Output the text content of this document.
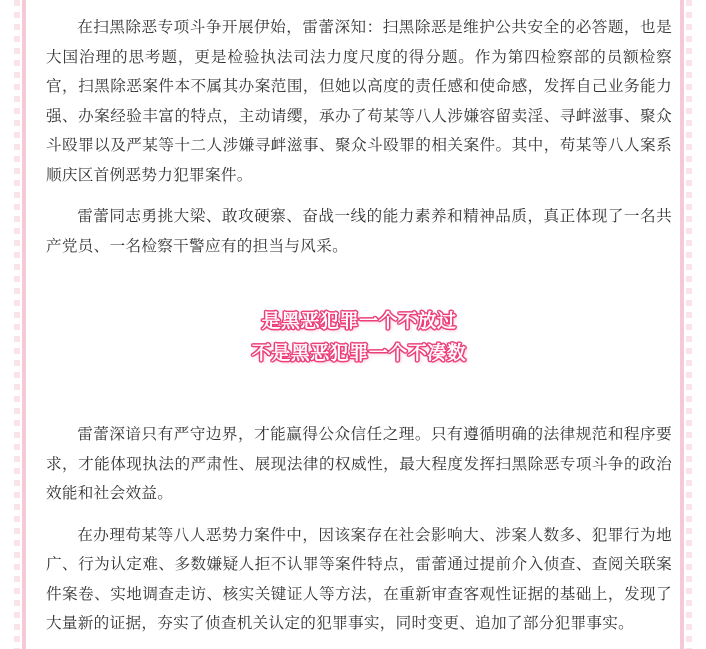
在扫黑除恶专项斗争开展伊始，雷蕾深知：扫黑除恶是维护公共安全的必答题，也是大国治理的思考题，更是检验执法司法力度尺度的得分题。作为第四检察部的员额检察官，扫黑除恶案件本不属其办案范围，但她以高度的责任感和使命感，发挥自己业务能力强、办案经验丰富的特点，主动请缨，承办了苟某等八人涉嫌容留卖淫、寻衅滋事、聚众斗殴罪以及严某等十二人涉嫌寻衅滋事、聚众斗殴罪的相关案件。其中，苟某等八人案系顺庆区首例恶势力犯罪案件。

雷蕾同志勇挑大梁、敢攻硬寨、奋战一线的能力素养和精神品质，真正体现了一名共产党员、一名检察干警应有的担当与风采。

是黑恶犯罪一个不放过
不是黑恶犯罪一个不凑数

雷蕾深谙只有严守边界，才能赢得公众信任之理。只有遵循明确的法律规范和程序要求，才能体现执法的严肃性、展现法律的权威性，最大程度发挥扫黑除恶专项斗争的政治效能和社会效益。

在办理苟某等八人恶势力案件中，因该案存在社会影响大、涉案人数多、犯罪行为地广、行为认定难、多数嫌疑人拒不认罪等案件特点，雷蕾通过提前介入侦查、查阅关联案件案卷、实地调查走访、核实关键证人等方法，在重新审查客观性证据的基础上，发现了大量新的证据，夯实了侦查机关认定的犯罪事实，同时变更、追加了部分犯罪事实。
